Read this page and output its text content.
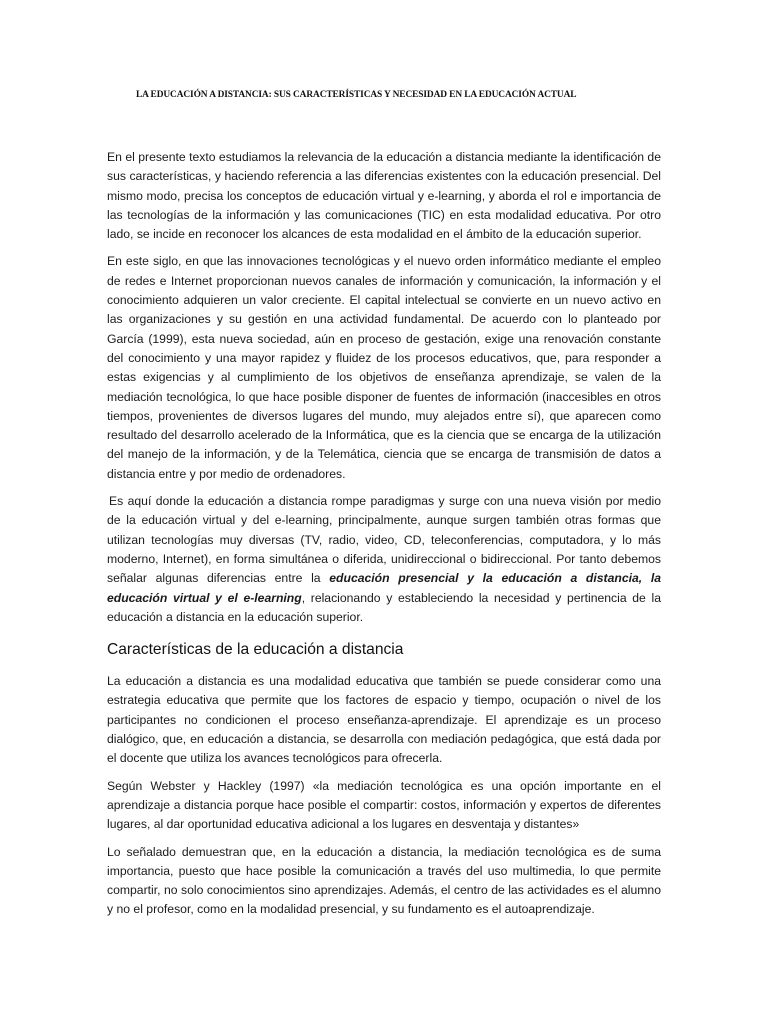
LA EDUCACIÓN A DISTANCIA: SUS CARACTERÍSTICAS Y NECESIDAD EN LA EDUCACIÓN ACTUAL

En el presente texto estudiamos la relevancia de la educación a distancia mediante la identificación de sus características, y haciendo referencia a las diferencias existentes con la educación presencial. Del mismo modo, precisa los conceptos de educación virtual y e-learning, y aborda el rol e importancia de las tecnologías de la información y las comunicaciones (TIC) en esta modalidad educativa. Por otro lado, se incide en reconocer los alcances de esta modalidad en el ámbito de la educación superior.

En este siglo, en que las innovaciones tecnológicas y el nuevo orden informático mediante el empleo de redes e Internet proporcionan nuevos canales de información y comunicación, la información y el conocimiento adquieren un valor creciente. El capital intelectual se convierte en un nuevo activo en las organizaciones y su gestión en una actividad fundamental. De acuerdo con lo planteado por García (1999), esta nueva sociedad, aún en proceso de gestación, exige una renovación constante del conocimiento y una mayor rapidez y fluidez de los procesos educativos, que, para responder a estas exigencias y al cumplimiento de los objetivos de enseñanza aprendizaje, se valen de la mediación tecnológica, lo que hace posible disponer de fuentes de información (inaccesibles en otros tiempos, provenientes de diversos lugares del mundo, muy alejados entre sí), que aparecen como resultado del desarrollo acelerado de la Informática, que es la ciencia que se encarga de la utilización del manejo de la información, y de la Telemática, ciencia que se encarga de transmisión de datos a distancia entre y por medio de ordenadores.

Es aquí donde la educación a distancia rompe paradigmas y surge con una nueva visión por medio de la educación virtual y del e-learning, principalmente, aunque surgen también otras formas que utilizan tecnologías muy diversas (TV, radio, video, CD, teleconferencias, computadora, y lo más moderno, Internet), en forma simultánea o diferida, unidireccional o bidireccional. Por tanto debemos señalar algunas diferencias entre la educación presencial y la educación a distancia, la educación virtual y el e-learning, relacionando y estableciendo la necesidad y pertinencia de la educación a distancia en la educación superior.

Características de la educación a distancia

La educación a distancia es una modalidad educativa que también se puede considerar como una estrategia educativa que permite que los factores de espacio y tiempo, ocupación o nivel de los participantes no condicionen el proceso enseñanza-aprendizaje. El aprendizaje es un proceso dialógico, que, en educación a distancia, se desarrolla con mediación pedagógica, que está dada por el docente que utiliza los avances tecnológicos para ofrecerla.

Según Webster y Hackley (1997) «la mediación tecnológica es una opción importante en el aprendizaje a distancia porque hace posible el compartir: costos, información y expertos de diferentes lugares, al dar oportunidad educativa adicional a los lugares en desventaja y distantes»

Lo señalado demuestran que, en la educación a distancia, la mediación tecnológica es de suma importancia, puesto que hace posible la comunicación a través del uso multimedia, lo que permite compartir, no solo conocimientos sino aprendizajes. Además, el centro de las actividades es el alumno y no el profesor, como en la modalidad presencial, y su fundamento es el autoaprendizaje.
